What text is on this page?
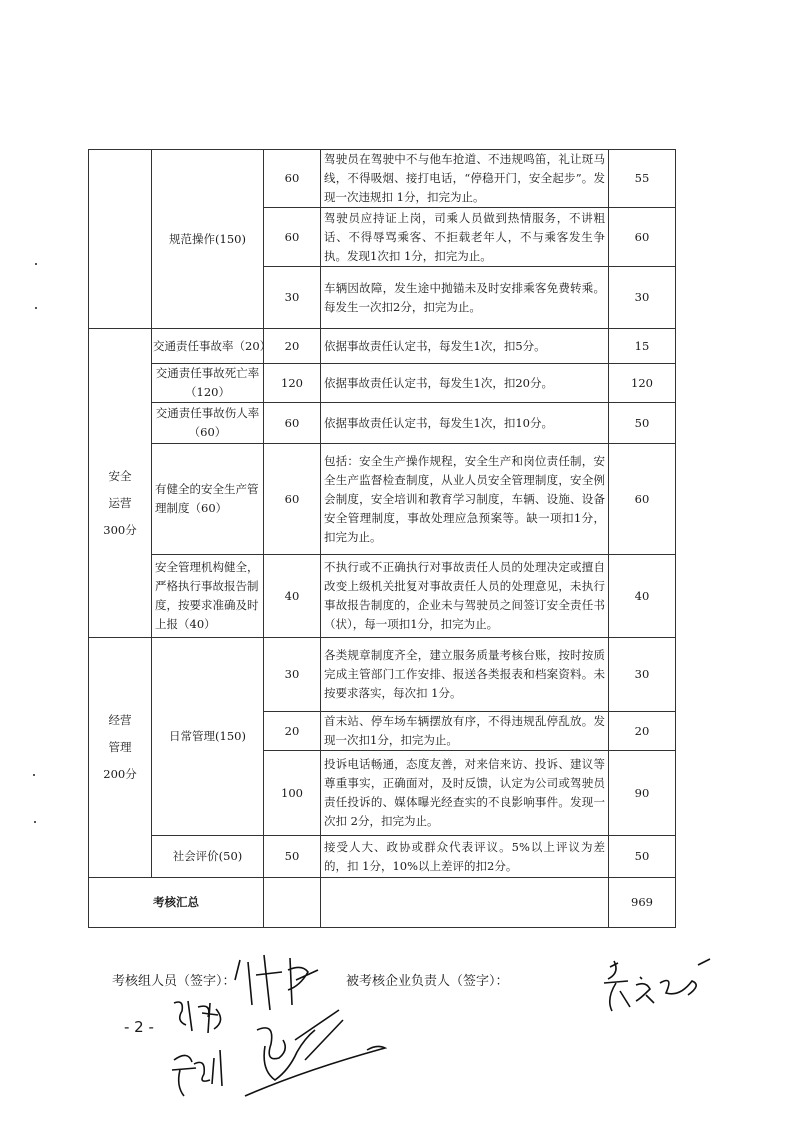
	规范操作(150)	60	驾驶员在驾驶中不与他车抢道、不违规鸣笛，礼让斑马线，不得吸烟、接打电话，“停稳开门，安全起步”。发现一次违规扣 1分，扣完为止。	55
		60	驾驶员应持证上岗，司乘人员做到热情服务，不讲粗话、不得辱骂乘客、不拒载老年人，不与乘客发生争执。发现1次扣 1分，扣完为止。	60
		30	车辆因故障，发生途中抛锚未及时安排乘客免费转乘。每发生一次扣2分，扣完为止。	30

安全
运营
300分	交通责任事故率（20）	20	依据事故责任认定书，每发生1次，扣5分。	15
	交通责任事故死亡率（120）	120	依据事故责任认定书，每发生1次，扣20分。	120
	交通责任事故伤人率（60）	60	依据事故责任认定书，每发生1次，扣10分。	50
	有健全的安全生产管理制度（60）	60	包括：安全生产操作规程，安全生产和岗位责任制，安全生产监督检查制度，从业人员安全管理制度，安全例会制度，安全培训和教育学习制度，车辆、设施、设备安全管理制度，事故处理应急预案等。缺一项扣1分，扣完为止。	60
	安全管理机构健全，严格执行事故报告制度，按要求准确及时上报（40）	40	不执行或不正确执行对事故责任人员的处理决定或擅自改变上级机关批复对事故责任人员的处理意见，未执行事故报告制度的，企业未与驾驶员之间签订安全责任书（状），每一项扣1分，扣完为止。	40

经营
管理
200分	日常管理(150)	30	各类规章制度齐全，建立服务质量考核台账，按时按质完成主管部门工作安排、报送各类报表和档案资料。未按要求落实，每次扣 1分。	30
		20	首末站、停车场车辆摆放有序，不得违规乱停乱放。发现一次扣1分，扣完为止。	20
		100	投诉电话畅通，态度友善，对来信来访、投诉、建议等尊重事实，正确面对，及时反馈，认定为公司或驾驶员责任投诉的、媒体曝光经查实的不良影响事件。发现一次扣 2分，扣完为止。	90
	社会评价(50)	50	接受人大、政协或群众代表评议。5%以上评议为差的，扣 1分，10%以上差评的扣2分。	50
考核汇总				969
考核组人员（签字）：	被考核企业负责人（签字）：
- 2 -
